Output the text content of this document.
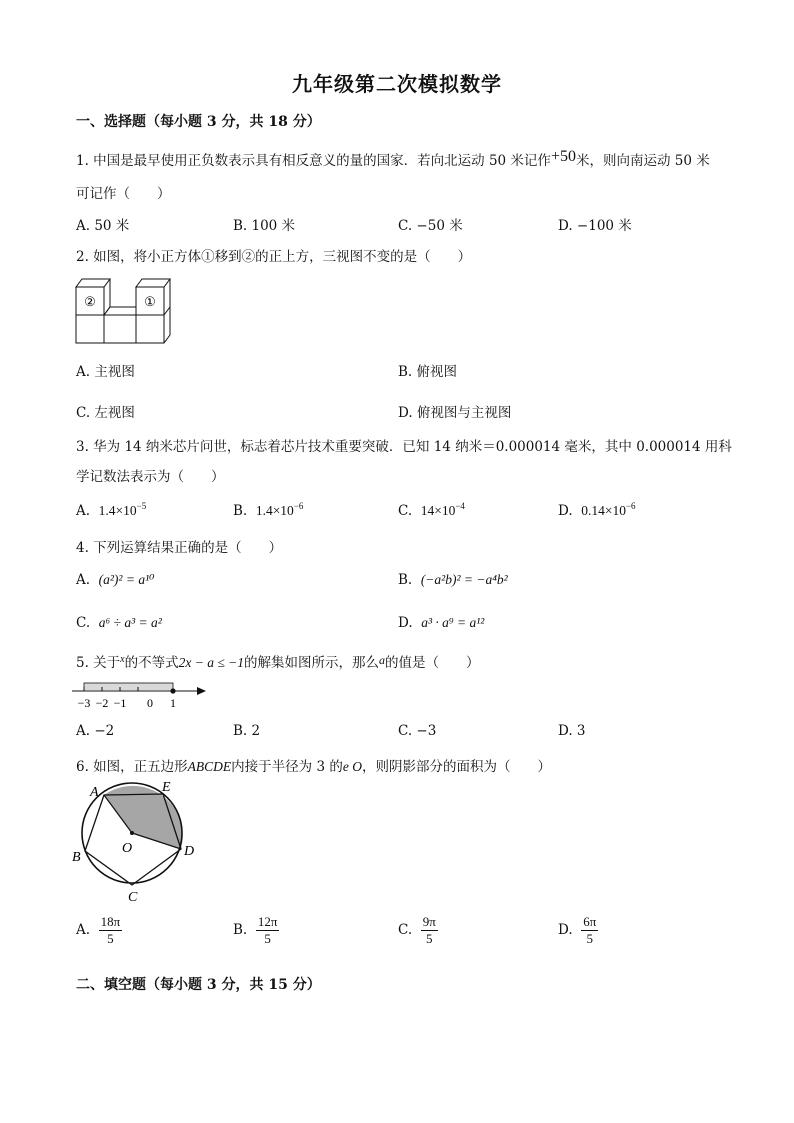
九年级第二次模拟数学
一、选择题（每小题 3 分，共 18 分）
1. 中国是最早使用正负数表示具有相反意义的量的国家．若向北运动 50 米记作+50米，则向南运动 50 米
可记作（　　）
A. 50 米	B. 100 米	C. −50 米	D. −100 米
2. 如图，将小正方体①移到②的正上方，三视图不变的是（　　）
②	①
A. 主视图	B. 俯视图
C. 左视图	D. 俯视图与主视图
3. 华为 14 纳米芯片问世，标志着芯片技术重要突破．已知 14 纳米＝0.000014 毫米，其中 0.000014 用科
学记数法表示为（　　）
A. $1.4\times 10^{-5}$	B. $1.4\times 10^{-6}$	C. $14\times 10^{-4}$	D. $0.14\times 10^{-6}$
4. 下列运算结果正确的是（　　）
A. (a²)² = a¹⁰	B. (−a²b)² = −a⁴b²
C. a⁶ ÷ a³ = a²	D. a³ · a⁹ = a¹²
5. 关于$^x$的不等式2x − a ≤ −1的解集如图所示，那么a的值是（　　）
−3 −2 −1 0 1
A. −2	B. 2	C. −3	D. 3
6. 如图，正五边形ABCDE内接于半径为 3 的e O，则阴影部分的面积为（　　）
A
B
C
D
E
O
A. $\frac{18\pi}{5}$	B. $\frac{12\pi}{5}$	C. $\frac{9\pi}{5}$	D. $\frac{6\pi}{5}$
二、填空题（每小题 3 分，共 15 分）
